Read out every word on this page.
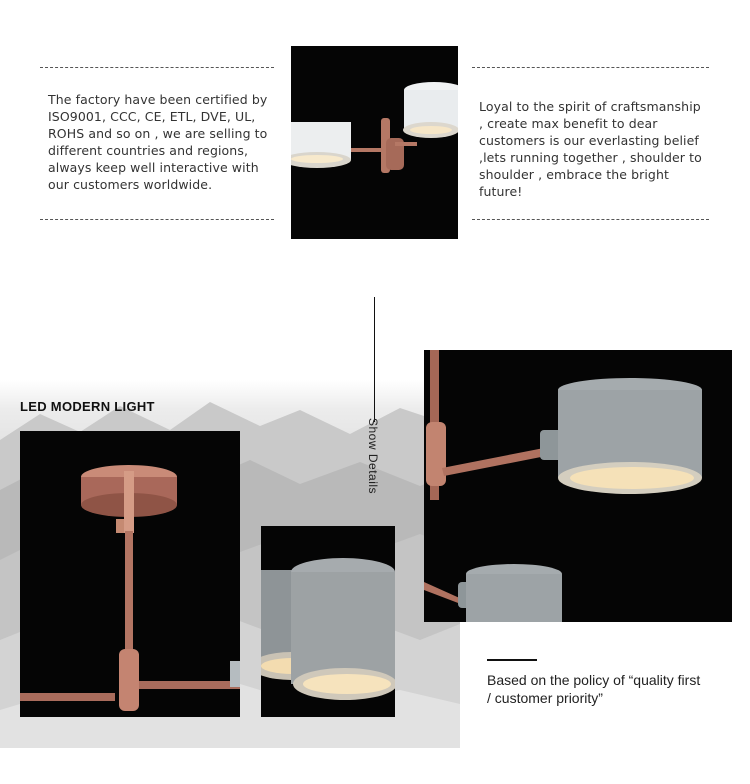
The factory have been certified by ISO9001, CCC, CE, ETL, DVE, UL, ROHS and so on , we are selling to different countries and regions, always keep well interactive with our customers worldwide.
Loyal to the spirit of craftsmanship , create max benefit to dear customers is our everlasting belief ,lets running together , shoulder to shoulder , embrace the bright future!
LED MODERN LIGHT
Show Details
Based on the policy of “quality first / customer priority”
